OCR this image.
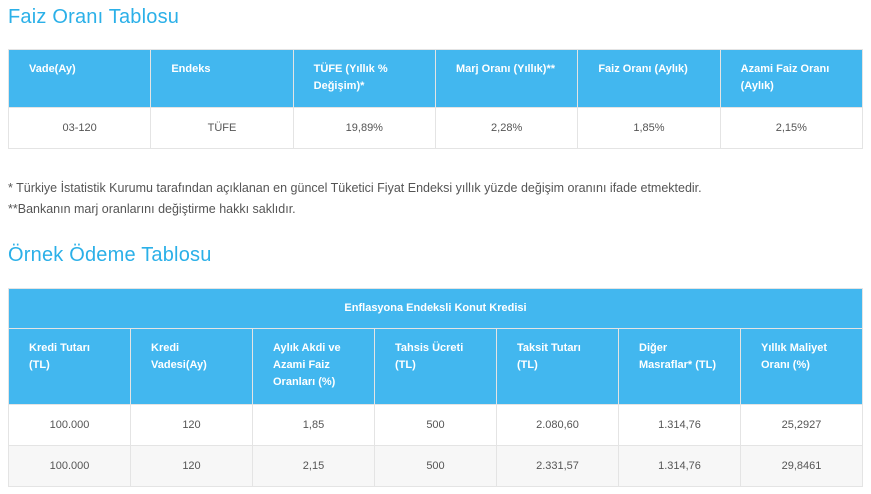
Faiz Oranı Tablosu
Vade(Ay)	Endeks	TÜFE (Yıllık % Değişim)*	Marj Oranı (Yıllık)**	Faiz Oranı (Aylık)	Azami Faiz Oranı (Aylık)
03-120	TÜFE	19,89%	2,28%	1,85%	2,15%
* Türkiye İstatistik Kurumu tarafından açıklanan en güncel Tüketici Fiyat Endeksi yıllık yüzde değişim oranını ifade etmektedir.
**Bankanın marj oranlarını değiştirme hakkı saklıdır.
Örnek Ödeme Tablosu
Enflasyona Endeksli Konut Kredisi						
Kredi Tutarı (TL)	Kredi Vadesi(Ay)	Aylık Akdi ve Azami Faiz Oranları (%)	Tahsis Ücreti (TL)	Taksit Tutarı (TL)	Diğer Masraflar* (TL)	Yıllık Maliyet Oranı (%)
100.000	120	1,85	500	2.080,60	1.314,76	25,2927
100.000	120	2,15	500	2.331,57	1.314,76	29,8461
